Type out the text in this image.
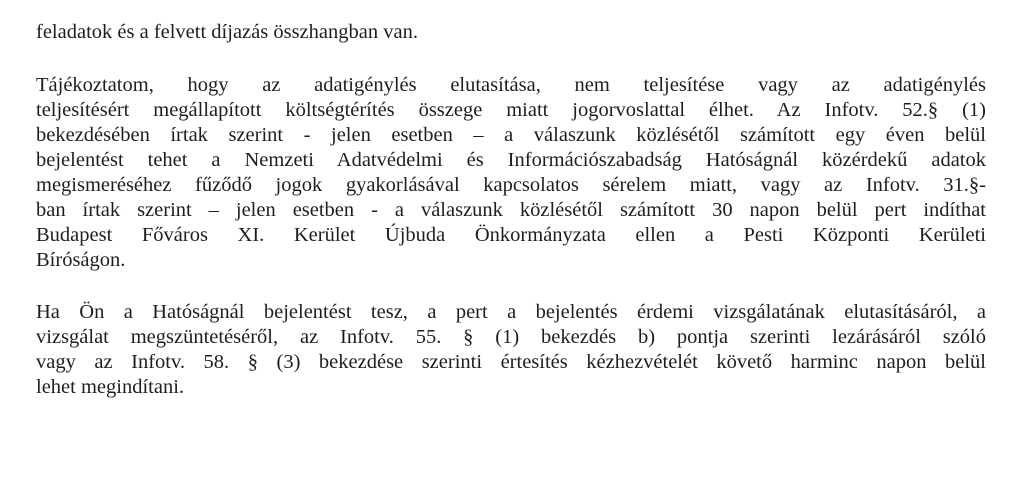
feladatok és a felvett díjazás összhangban van.

Tájékoztatom, hogy az adatigénylés elutasítása, nem teljesítése vagy az adatigénylés
teljesítésért megállapított költségtérítés összege miatt jogorvoslattal élhet. Az Infotv. 52.§ (1)
bekezdésében írtak szerint - jelen esetben – a válaszunk közlésétől számított egy éven belül
bejelentést tehet a Nemzeti Adatvédelmi és Információszabadság Hatóságnál közérdekű adatok
megismeréséhez fűződő jogok gyakorlásával kapcsolatos sérelem miatt, vagy az Infotv. 31.§-
ban írtak szerint – jelen esetben - a válaszunk közlésétől számított 30 napon belül pert indíthat
Budapest Főváros XI. Kerület Újbuda Önkormányzata ellen a Pesti Központi Kerületi
Bíróságon.

Ha Ön a Hatóságnál bejelentést tesz, a pert a bejelentés érdemi vizsgálatának elutasításáról, a
vizsgálat megszüntetéséről, az Infotv. 55. § (1) bekezdés b) pontja szerinti lezárásáról szóló
vagy az Infotv. 58. § (3) bekezdése szerinti értesítés kézhezvételét követő harminc napon belül
lehet megindítani.
